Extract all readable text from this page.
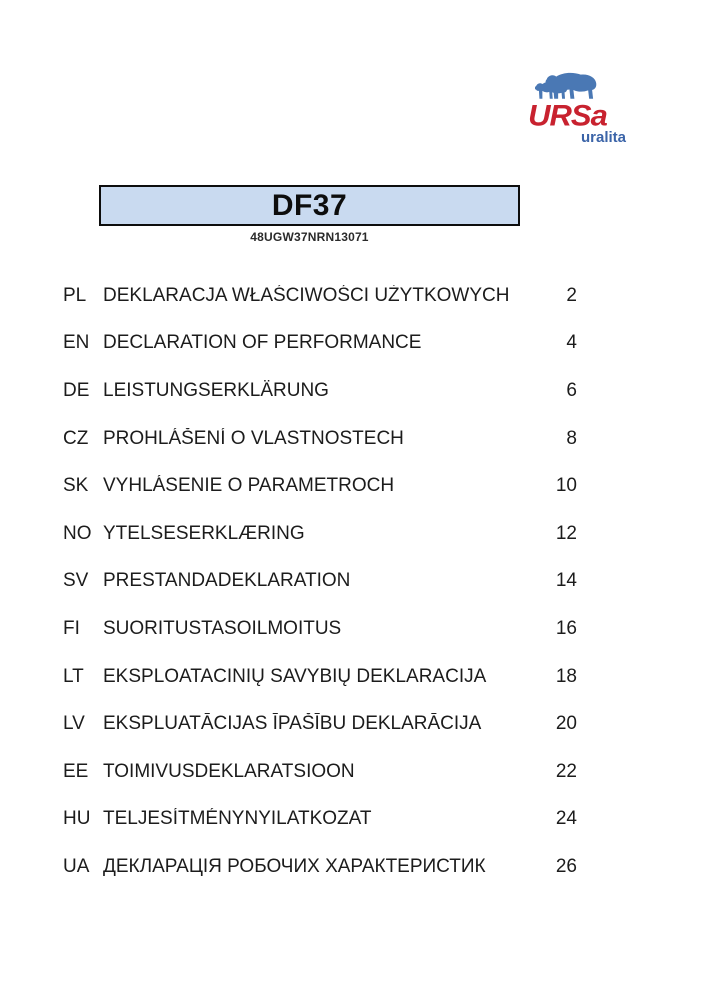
URSa
uralita
DF37
48UGW37NRN13071
PL DEKLARACJA WŁAŚCIWOŚCI UŻYTKOWYCH	2
EN DECLARATION OF PERFORMANCE	4
DE LEISTUNGSERKLÄRUNG	6
CZ PROHLÁŠENÍ O VLASTNOSTECH	8
SK VYHLÁSENIE O PARAMETROCH	10
NO YTELSESERKLÆRING	12
SV PRESTANDADEKLARATION	14
FI	SUORITUSTASOILMOITUS	16
LT	EKSPLOATACINIŲ SAVYBIŲ DEKLARACIJA	18
LV EKSPLUATĀCIJAS ĪPAŠĪBU DEKLARĀCIJA	20
EE TOIMIVUSDEKLARATSIOON	22
HU TELJESÍTMÉNYNYILATKOZAT	24
UA ДЕКЛАРАЦІЯ РОБОЧИХ ХАРАКТЕРИСТИК	26
